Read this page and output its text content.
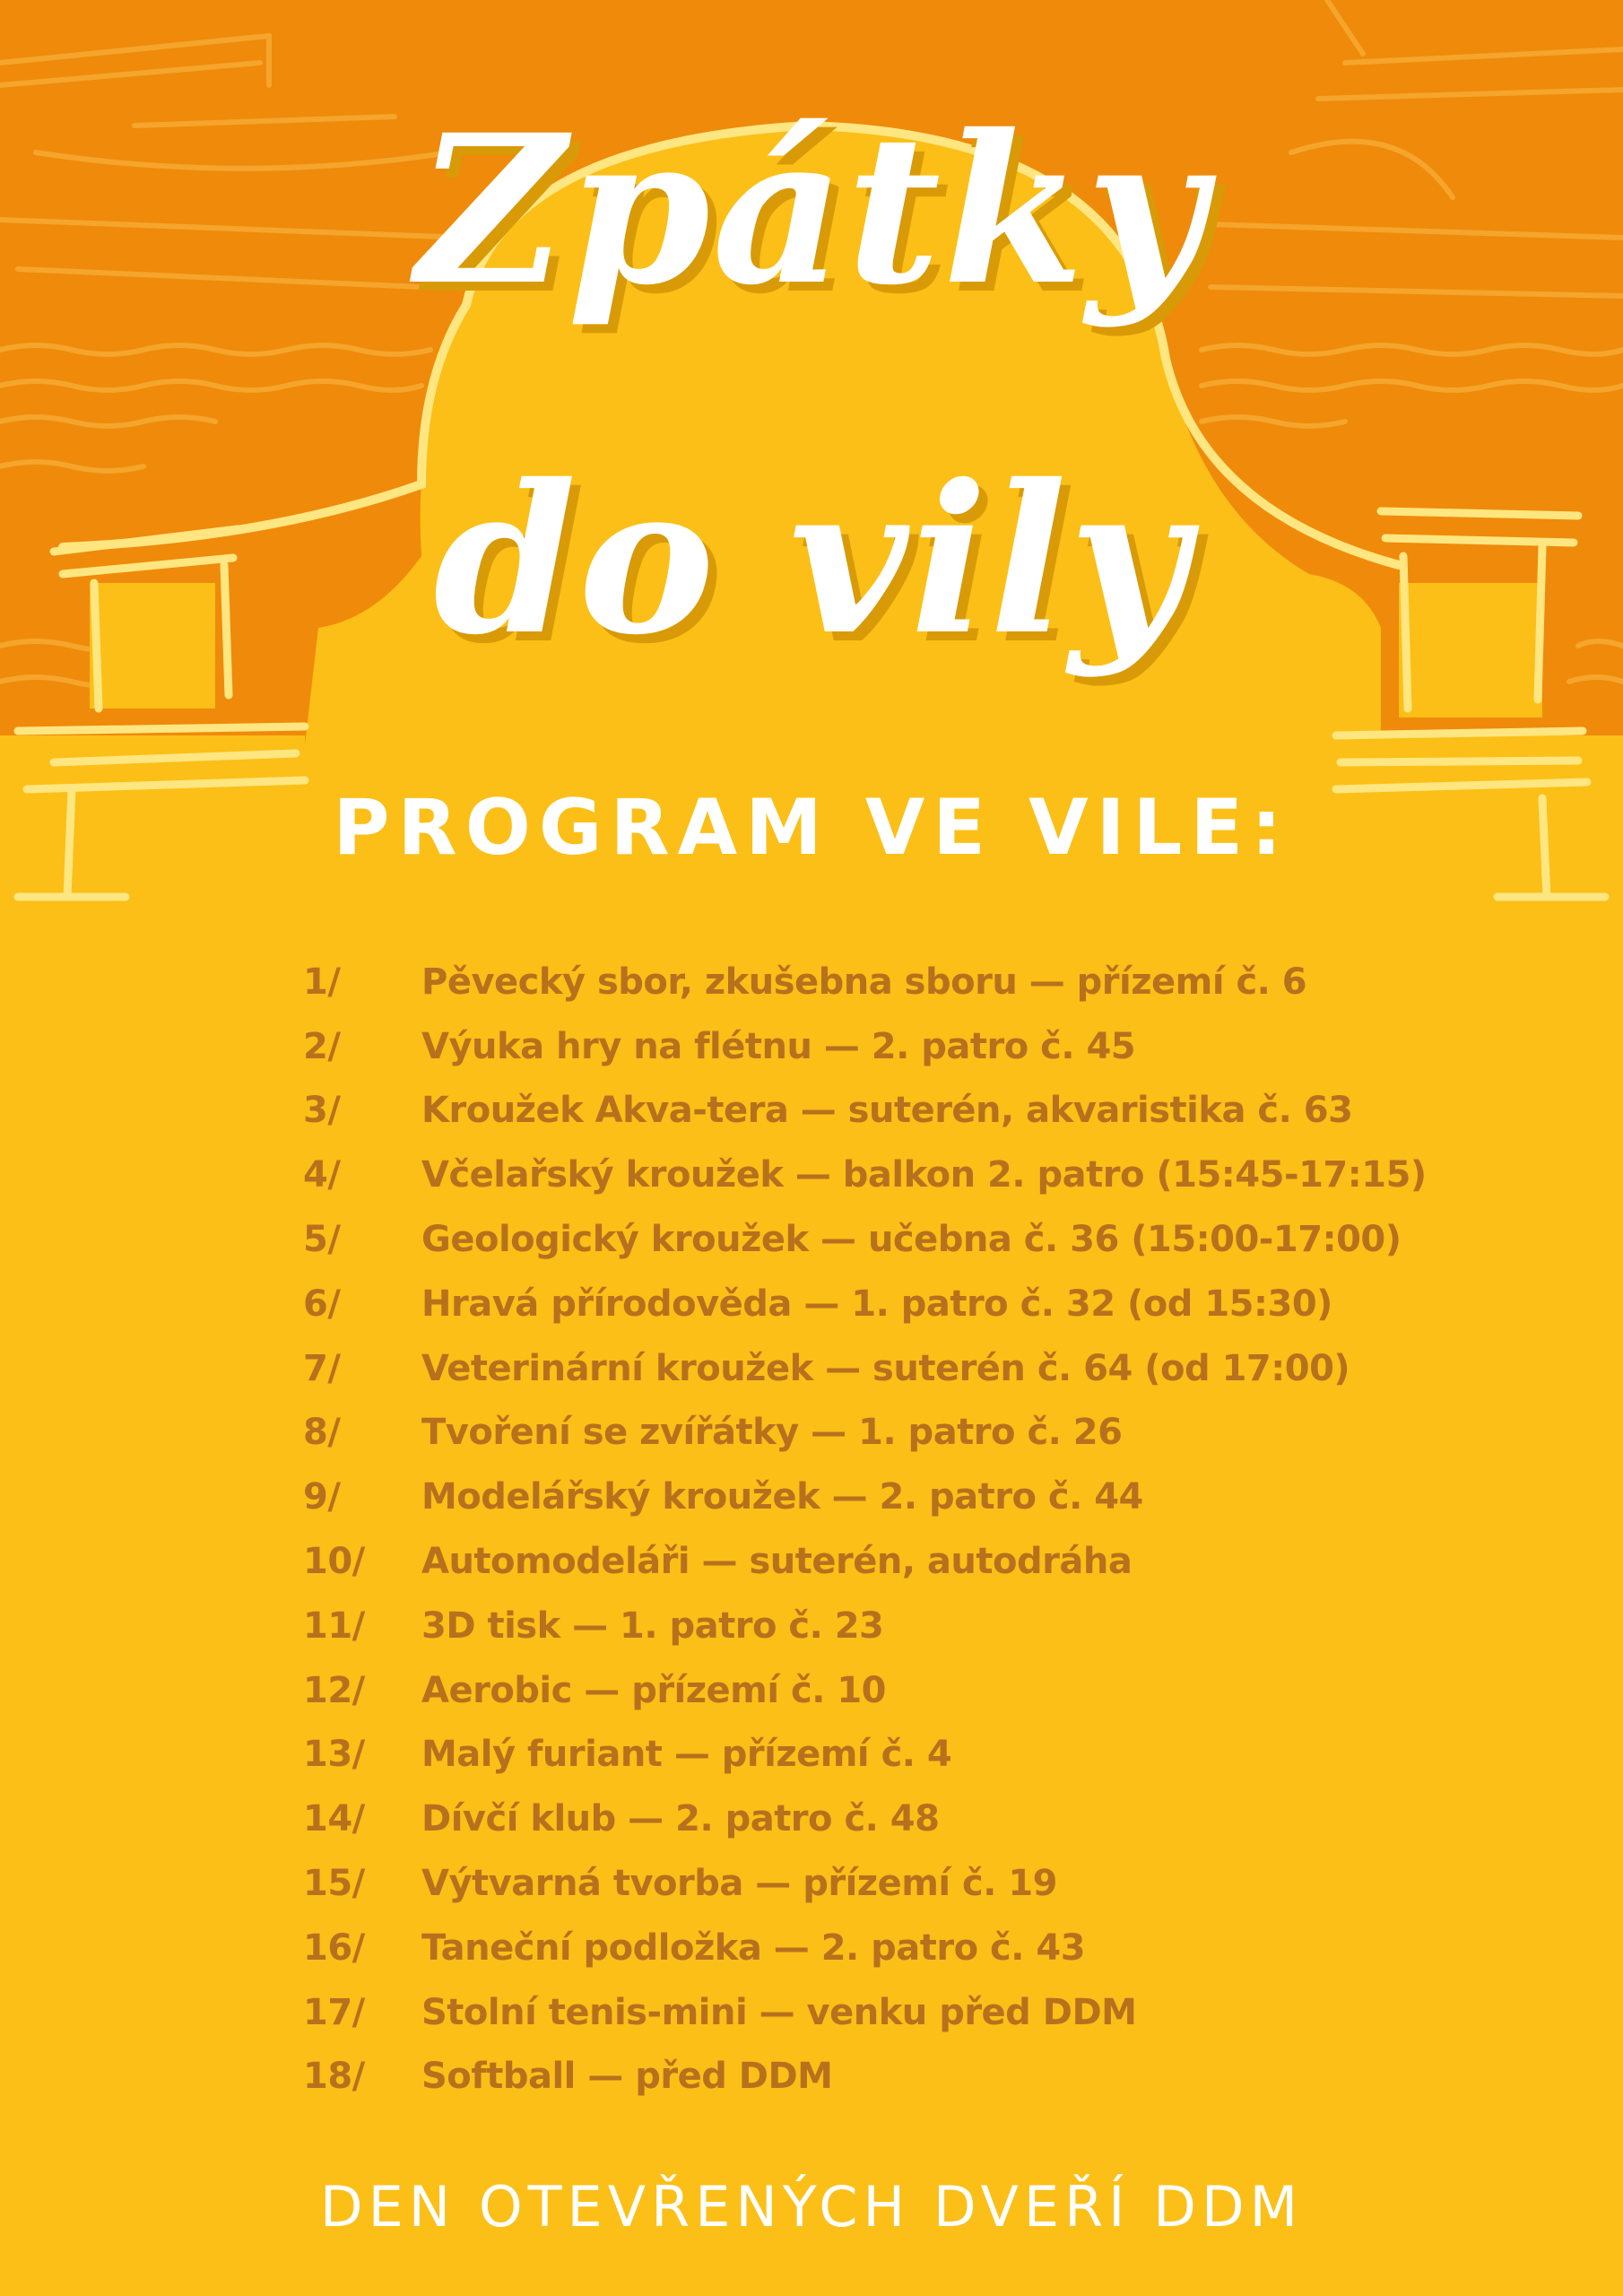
Zpátky
do vily
PROGRAM VE VILE:
1/	Pěvecký sbor, zkušebna sboru — přízemí č. 6
2/	Výuka hry na flétnu — 2. patro č. 45
3/	Kroužek Akva-tera — suterén, akvaristika č. 63
4/	Včelařský kroužek — balkon 2. patro (15:45-17:15)
5/	Geologický kroužek — učebna č. 36 (15:00-17:00)
6/	Hravá přírodověda — 1. patro č. 32 (od 15:30)
7/	Veterinární kroužek — suterén č. 64 (od 17:00)
8/	Tvoření se zvířátky — 1. patro č. 26
9/	Modelářský kroužek — 2. patro č. 44
10/	Automodeláři — suterén, autodráha
11/	3D tisk — 1. patro č. 23
12/	Aerobic — přízemí č. 10
13/	Malý furiant — přízemí č. 4
14/	Dívčí klub — 2. patro č. 48
15/	Výtvarná tvorba — přízemí č. 19
16/	Taneční podložka — 2. patro č. 43
17/	Stolní tenis-mini — venku před DDM
18/	Softball — před DDM
DEN OTEVŘENÝCH DVEŘÍ DDM
